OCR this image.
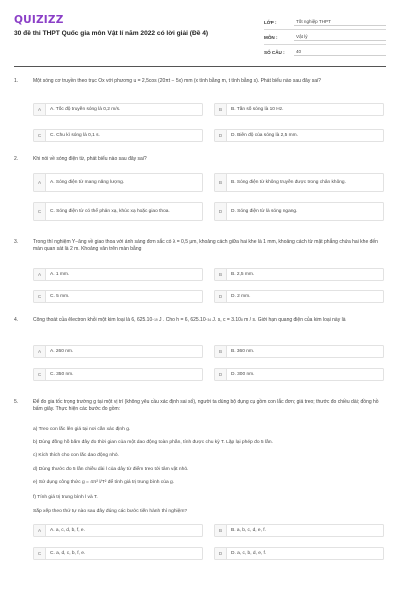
QUIZIZZ
30 đề thi THPT Quốc gia môn Vật lí năm 2022 có lời giải (Đề 4)
LỚP :	Tốt nghiệp THPT
MÔN :	Vật lý
SỐ CÂU :	40
1.	Một sóng cơ truyền theo trục Ox với phương u = 2,5cos (20πt − 5x) mm (x tính bằng m, t tính bằng s). Phát biểu nào sau đây sai?
A	A. Tốc độ truyền sóng là 0,2 m/s.	B	B. Tần số sóng là 10 Hz.
C	C. Chu kì sóng là 0,1 s.	D	D. Biên độ của sóng là 2,5 mm.
2.	Khi nói về sóng điện từ, phát biểu nào sau đây sai?
A	A. Sóng điện từ mang năng lượng.	B	B. Sóng điện từ không truyền được trong chân không.
C	C. Sóng điện từ có thể phản xạ, khúc xạ hoặc giao thoa.	D	D. Sóng điện từ là sóng ngang.
3.	Trong thí nghiệm Y−âng về giao thoa với ánh sáng đơn sắc có λ = 0,5 μm, khoảng cách giữa hai khe là 1 mm, khoảng cách từ mặt phẳng chứa hai khe đến màn quan sát là 2 m. Khoảng vân trên màn bằng
A	A. 1 mm.	B	B. 2,5 mm.
C	C. 5 mm.	D	D. 2 mm.
4.	Công thoát của êlectron khỏi một kim loại là 6, $625.10^{-19}$ J . Cho h = 6, $625.10^{-34}$ J. s, $c = 3.10^8$ m / s. Giới hạn quang điện của kim loại này là
A	A. 260 nm.	B	B. 360 nm.
C	C. 350 nm.	D	D. 300 nm.
5.	Để đo gia tốc trọng trường g tại một vị trí (không yêu cầu xác định sai số), người ta dùng bộ dụng cụ gồm con lắc đơn; giá treo; thước đo chiều dài; đồng hồ bấm giây. Thực hiện các bước đo gồm:
a) Treo con lắc lên giá tại nơi cần xác định g.
b) Dùng đồng hồ bấm đây đo thời gian của một dao động toàn phần, tính được chu kỳ T. Lặp lại phép đo 5 lần.
c) Kích thích cho con lắc dao động nhỏ.
d) Dùng thước đo 5 lần chiều dài l của dây từ điểm treo tới tâm vật nhỏ.
e) Sử dụng công thức g = 4π² l/T² để tính giá trị trung bình của g.
f) Tính giá trị trung bình l và T.
Sắp xếp theo thứ tự nào sau đây đúng các bước tiến hành thí nghiệm?
A	A. a, c, d, b, f, e.	B	B. a, b, c, d, e, f.
C	C. a, d, c, b, f, e.	D	D. a, c, b, d, e, f.
